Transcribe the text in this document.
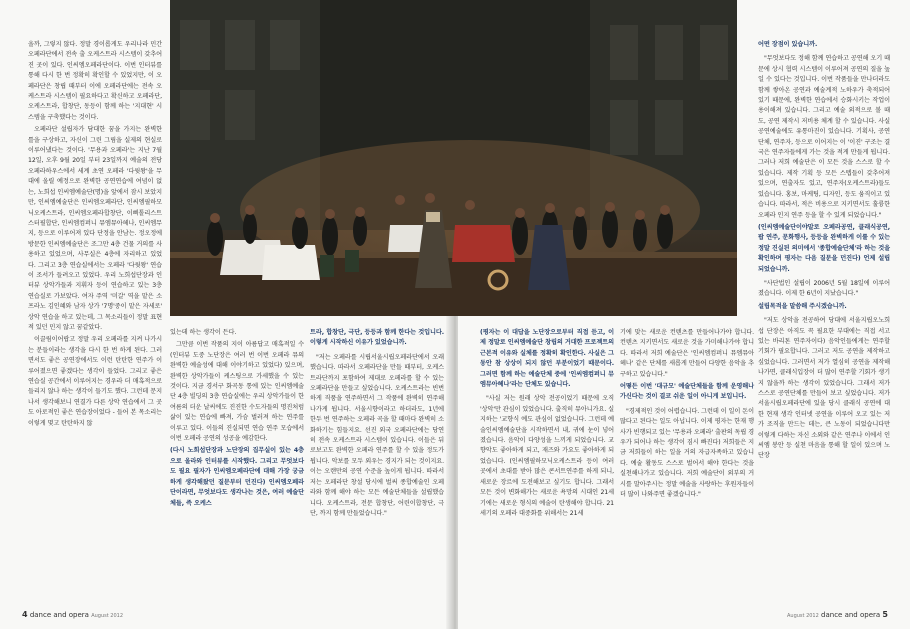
올까, 그렇지 않다. 정말 경이롭게도 우리나라 민간 오페라단에서 전속 출 오케스트라 시스템이 갖추어진 곳이 있다. 인씨엠오페라단이다. 이번 인터뷰를 통해 다시 한 번 정확히 확인할 수 있었지만, 이 오페라단은 창립 때부터 이에 오페라단에는 전속 오케스트라 시스템이 필요하다고 확신하고 오페라단, 오케스트라, 합창단, 동등이 함께 하는 '지대현' 시스템을 구축했다는 것이다.

오페라단 설립자가 담대한 꿈을 가지는 완벽한 틀을 구상하고, 자신이 그린 그림을 실제의 현실로 이루어냈다는 것이다. '무용과 오페라'는 지난 7월 12일, 오후 9월 20일 부터 23일까지 예술의 전당 오페라하우스에서 세계 초연 오페라 '다윗왕'을 무대에 올릴 예정으로 완벽한 공연연습에 여념이 없는, 노희섭 인씨엠예술단(명)을 앞에서 잠시 보았지만, 인씨엠예술단은 인씨엠오페라단, 인씨엠필하모닉오케스트라, 인씨엠오페라합창단, 이삐톨리스트스터필합단, 인씨엠컴퍼니 뮤엠뮤아헤나, 인씨엠무지, 등으로 이루어져 있다 단정을 안남는. 정오정에 방문한 인씨엠예술단은 조그만 4층 건물 거의를 사용하고 있었으며, 사무실은 4층에 자리하고 있었다. 그리고 3층 연습실에서는 오페라 '다윗왕' 연습이 조서가 들려오고 있었다. 우리 노희섭단장과 인터뷰 상악가들과 지휘자 등이 연습하고 있는 3층 연습실로 가보았다. 여자 주역 '미갈' 역을 맡은 소프라노 김인혜와 남자 상가 '7명'중이 맡은 자세로' 상악 연습을 하고 있는데, 그 목소리들이 정말 표현적 있던 민지 않고 꿈같았다.

이끌림이어랍고 정말 우리 오페라를 지켜 나가시는 분들이라는 생각을 다시 한 번 하게 된다. 그러면서도 좋은 공연장에서도 이런 탄탄한 연주가 이루어졌으면 좋겠다는 생각이 들었다. 그리고 좋은 연습실 공간에서 이루어지는 경우라 더 매혹적으로 들리지 않나 하는 생각이 들기도 했다. 그런데 문지 나서 생각해보니 연결가 다른 상악 연습에서 그 곳도 아로적인 좋은 연습장이었다 - 들어 본 목소리는 이렇게 몇고 탄탄하지 않

있는데 하는 생각이 든다.

그만큼 이번 작품의 지이 아름답고 매혹적일 수(인터뷰 도중 노단장은 여러 번 이번 오페라 뮤의 완벽한 예술성에 대해 이야기하고 있었다) 있으며, 완벽한 상악가들이 케스팅으로 가세했을 수 있는 것이다. 지금 경서구 화곡동 통에 있는 인씨엠예술단 4층 빌딩의 3층 연습실에는 우리 상악가들이 한 여름의 더운 날씨에도 진진한 수도자들의 명진처럼 삶이 있는 연습에 빠져, 가슴 벌러져 하는 연주를 이루고 있다. 이들의 진실되면 연습 연주 모습에서 이번 오페라 공연의 성공을 예감한다.

(다시 노희섭단장과 노단장의 집무실이 있는 4층으로 올라와 인터뷰를 시작했다. 그리고 무엇보다도 필요 필자가 인씨엠오페라단에 대해 가장 궁금하게 생각해왔던 질문부터 던진다) 인씨엠오페라단이라면, 무엇보다도 생각나는 것은, 여러 예술단체들, 즉 오케스

트라, 합창단, 극단, 등등과 함께 한다는 것입니다. 이렇게 시작하신 이유가 있었습니까.

"저는 오페라를 시립서울시립오페라단에서 오래 했습니다. 따라서 오페라단을 만들 때부터, 오케스트라단까지 포함하여 제대로 오페라를 할 수 있는 오페라단을 만들고 싶었습니다. 오케스트라는 빈번하게 직품을 연주하면서 그 작품에 완벽히 연주해 나가게 됩니다. 서울시향이라고 하더라도, 1년에 한두 번 연주하는 오페라 곡을 할 때마다 완벽히 소화하기는 힘들지요. 선진 외국 오페라단에는 당연히 전속 오케스트라 시스템이 있습니다. 이들은 뒤로보고도 완벽한 오페라 연주를 할 수 있을 정도가 됩니다. 악보를 모두 외우는 경지가 되는 것이지요. 이는 오랜만의 공연 수준을 높이게 됩니다. 따라서 저는 오페라단 창설 당시에 벌써 종합예술인 오페라와 함께 해야 하는 모든 예술단체들을 설립했습니다. 오케스트라, 전문 합창단, 어린이합창단, 극단, 까지 함께 만들었습니다."

4 dance and opera August 2012

(평자는 이 대답을 노단장으로부터 직접 듣고, 이제 정말로 인씨엠예술단 창립의 거대한 프로젝트의 근본적 이유와 실체를 정확히 확인한다. 사실은 그동안 참 상상이 되지 않던 부분이었기 때문이다. 그러면 함께 하는 예술단체 중에 '인씨엠컴퍼니 뮤엠뮤아헤나'라는 단체도 있습니다.

"사실 저는 원래 상악 전공이었기 때문에 오직 '상악'만 관심이 있었습니다. 출직히 뮤아니가요. 실지하는 '교향식 예도 관심이 없었습니다. 그런데 예술인씨엠예술단을 시작하면서 내, 귀에 눈이 넣어졌습니다. 음악이 다양성을 느끼게 되었습니다. 교향악도 좋아하게 되고, 재즈와 가요도 좋아하게 되었습니다. (인씨엠필하모닉오케스트라 등이 여러 곳에서 초대를 받아 많은 콘서트연주를 하게 되니, 새로운 장르에 도전해보고 싶기도 합니다. 그래서 모든 것이 변화해가는 새로운 욕망의 시대인 21세기에는 새로운 형식의 예술이 탄생해야 합니다. 21세기의 오페라 대중화를 위해서는 21세

기에 맞는 새로운 컨텐츠를 만들어나가야 합니다. 컨텐츠 지키면서도 새로운 것을 가미해나가야 합니다. 따라서 저희 예술단은 '인씨엠컴퍼니 뮤엠뮤아헤나' 같은 단체를 새롭게 만들어 다양한 음악을 추구하고 있습니다."

어떻든 이번 '대규모' 예술단체들을 함께 운영해나가신다는 것이 결코 쉬운 일이 아니게 보입니다.

"경제적인 것이 어렵습니다. 그런데 이 일이 돈이 많다고 된다는 일도 아닙니다. 이제 평자는 한재 행사가 빈행되고 있는 '무용과 오페라' 출판의 독립 경우가 되어나 하는 생각이 짐시 빠진다) 저희들은 지금 저희들이 하는 일을 거의 자급자족하고 있습니다. 예술 활동도 스스로 벌어서 해야 한다는 것을 실천해나가고 있습니다. 저희 예술단이 외부의 거시를 말아주시는 정말 예술을 사랑하는 후원자들이 더 많이 나와주면 좋겠습니다."

어떤 장점이 있습니까.

"무엇보다도 정해 함께 연습하고 공연해 오기 때문에 상시 협력 시스템이 이루어져 공연의 질을 높일 수 있다는 것입니다. 이번 작품들을 만나더라도 함께 쌓아온 공연과 예술계적 노하우가 축적되어 있기 때문에, 완벽한 연습에서 승화시키는 작업이 용이해져 있습니다. 그리고 예술 외적으로 볼 때도, 공연 제작시 저비용 체계 할 수 있습니다. 사실 공연예술에도 유통마진이 있습니다. 기획사, 공연단체, 연주자, 등으로 이어지는 이 '이진' 구조는 결국은 연주자들에게 가는 것을 적게 만들게 됩니다. 그러나 저희 예술단은 이 모든 것을 스스로 할 수 있습니다. 제작 기획 등 모든 스텝들이 갖추어져 있으며, 연출자도 있고, 연주자(오케스트라)들도 있습니다. 홍보, 마케팅, 디자인, 등도 움직이고 있습니다. 따라서, 적은 비용으로 지키면서도 훌륭한 오페라 인지 연주 등을 할 수 있게 되었습니다."

(인씨엠예술단이야말로 오페라공연, 클래식공연, 팝 연주, 문화행사, 등등을 완벽하게 이룰 수 있는 정말 진실된 의미에서 '종합예술단체'라 하는 것을 확인하며 평자는 다음 질문을 던진다) 언제 설립되었습니까.

"사단법인 설립이 2006년 5월 18일에 이루어졌습니다. 이제 한 6년이 지났습니다."

설립목적을 말씀해 주시겠습니까.

"저도 상악을 전공하여 당대에 서울지립오노희섭 단장은 아직도 꼭 필요한 부대에는 직접 서고 있는 바리톤 연주자이다) 음악인들에게는 연주할 기회가 필요합니다. 그러고 저도 공연을 제작하고 싶었습니다. 그러면서 저가 열심히 공연을 제작해나가면, 클래식입장이 더 많이 연주할 기회가 생기지 않을까 하는 생각이 있었습니다. 그래서 저가 스스로 공연단체를 만들어 보고 싶었습니다. 저가 서울시립오페라단에 있을 당시 클래식 공연에 대한 현재 생각 인터넷 공연을 이루어 오고 있는 저가 조직을 만드는 데는, 큰 노동이 되었습니다만 이렇게 다하는 자신 소외와 같은 연주나 이에서 인씨엠 봉안 등 실천 마음을 통해 할 일이 있으며 노단장

August 2012 dance and opera 5
